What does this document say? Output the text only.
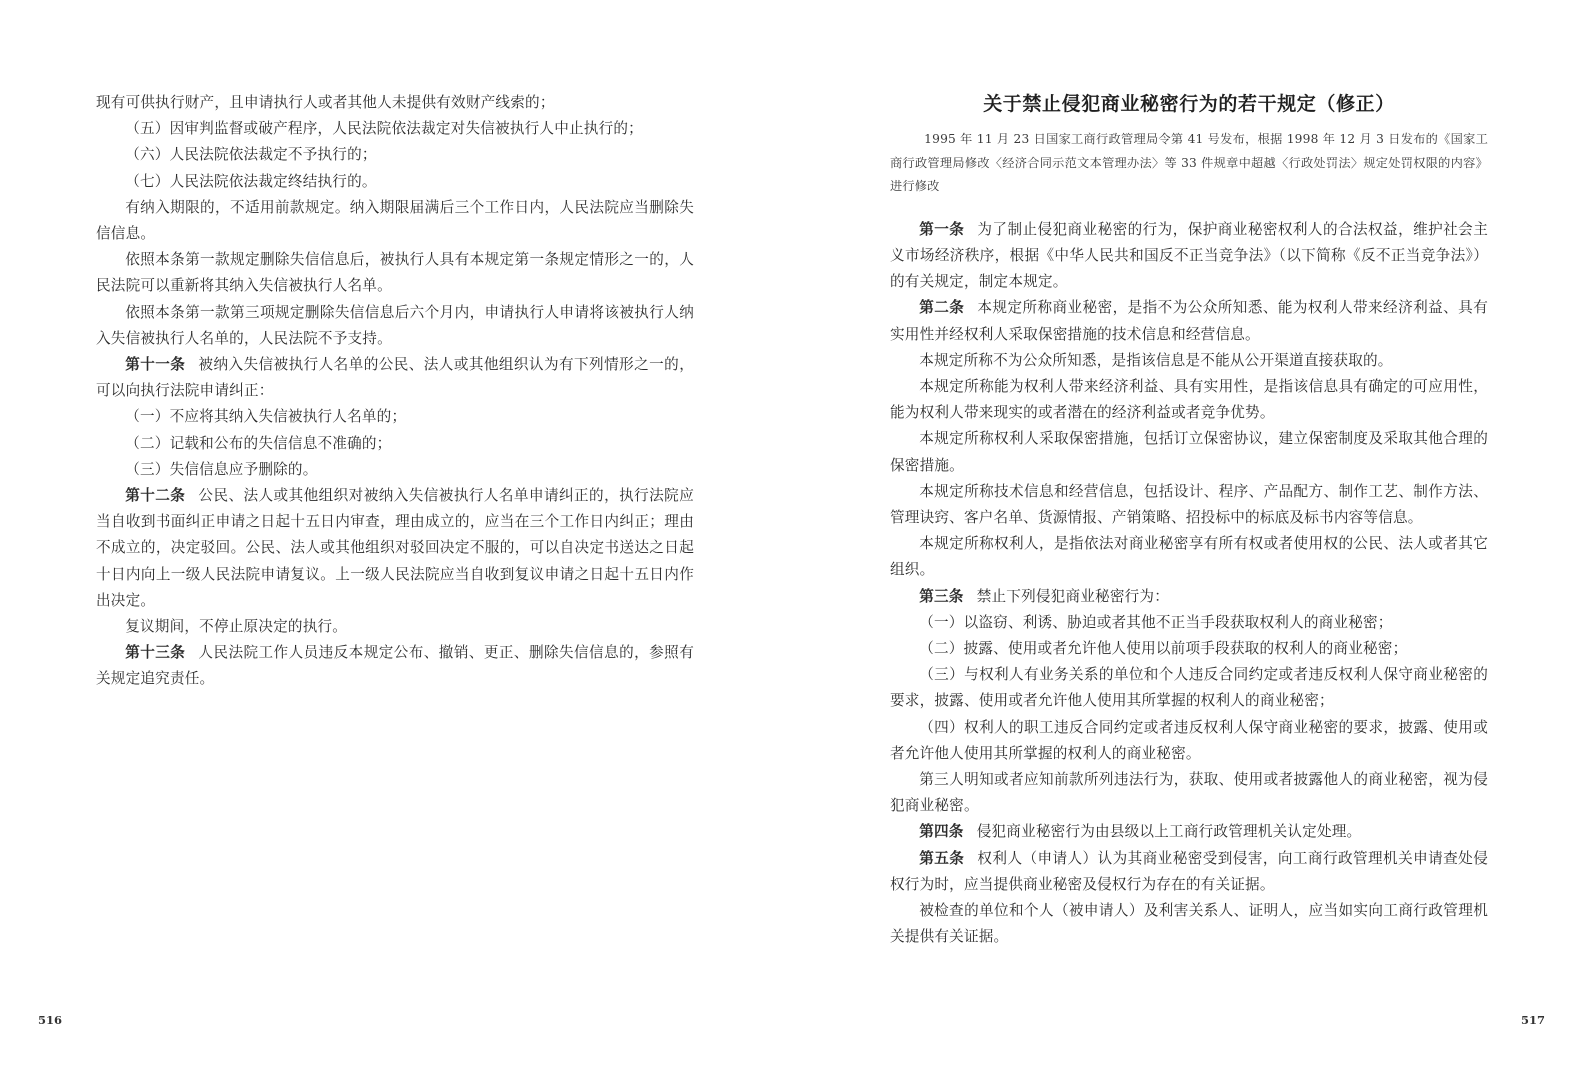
现有可供执行财产，且申请执行人或者其他人未提供有效财产线索的；

（五）因审判监督或破产程序，人民法院依法裁定对失信被执行人中止执行的；

（六）人民法院依法裁定不予执行的；

（七）人民法院依法裁定终结执行的。

有纳入期限的，不适用前款规定。纳入期限届满后三个工作日内，人民法院应当删除失信信息。

依照本条第一款规定删除失信信息后，被执行人具有本规定第一条规定情形之一的，人民法院可以重新将其纳入失信被执行人名单。

依照本条第一款第三项规定删除失信信息后六个月内，申请执行人申请将该被执行人纳入失信被执行人名单的，人民法院不予支持。

第十一条 被纳入失信被执行人名单的公民、法人或其他组织认为有下列情形之一的，可以向执行法院申请纠正：

（一）不应将其纳入失信被执行人名单的；

（二）记载和公布的失信信息不准确的；

（三）失信信息应予删除的。

第十二条 公民、法人或其他组织对被纳入失信被执行人名单申请纠正的，执行法院应当自收到书面纠正申请之日起十五日内审查，理由成立的，应当在三个工作日内纠正；理由不成立的，决定驳回。公民、法人或其他组织对驳回决定不服的，可以自决定书送达之日起十日内向上一级人民法院申请复议。上一级人民法院应当自收到复议申请之日起十五日内作出决定。

复议期间，不停止原决定的执行。

第十三条 人民法院工作人员违反本规定公布、撤销、更正、删除失信信息的，参照有关规定追究责任。

516
关于禁止侵犯商业秘密行为的若干规定（修正）

1995 年 11 月 23 日国家工商行政管理局令第 41 号发布，根据 1998 年 12 月 3 日发布的《国家工商行政管理局修改〈经济合同示范文本管理办法〉等 33 件规章中超越〈行政处罚法〉规定处罚权限的内容》进行修改

第一条 为了制止侵犯商业秘密的行为，保护商业秘密权利人的合法权益，维护社会主义市场经济秩序，根据《中华人民共和国反不正当竞争法》（以下简称《反不正当竞争法》）的有关规定，制定本规定。

第二条 本规定所称商业秘密，是指不为公众所知悉、能为权利人带来经济利益、具有实用性并经权利人采取保密措施的技术信息和经营信息。

本规定所称不为公众所知悉，是指该信息是不能从公开渠道直接获取的。

本规定所称能为权利人带来经济利益、具有实用性，是指该信息具有确定的可应用性，能为权利人带来现实的或者潜在的经济利益或者竞争优势。

本规定所称权利人采取保密措施，包括订立保密协议，建立保密制度及采取其他合理的保密措施。

本规定所称技术信息和经营信息，包括设计、程序、产品配方、制作工艺、制作方法、管理诀窍、客户名单、货源情报、产销策略、招投标中的标底及标书内容等信息。

本规定所称权利人，是指依法对商业秘密享有所有权或者使用权的公民、法人或者其它组织。

第三条 禁止下列侵犯商业秘密行为：

（一）以盗窃、利诱、胁迫或者其他不正当手段获取权利人的商业秘密；

（二）披露、使用或者允许他人使用以前项手段获取的权利人的商业秘密；

（三）与权利人有业务关系的单位和个人违反合同约定或者违反权利人保守商业秘密的要求，披露、使用或者允许他人使用其所掌握的权利人的商业秘密；

（四）权利人的职工违反合同约定或者违反权利人保守商业秘密的要求，披露、使用或者允许他人使用其所掌握的权利人的商业秘密。

第三人明知或者应知前款所列违法行为，获取、使用或者披露他人的商业秘密，视为侵犯商业秘密。

第四条 侵犯商业秘密行为由县级以上工商行政管理机关认定处理。

第五条 权利人（申请人）认为其商业秘密受到侵害，向工商行政管理机关申请查处侵权行为时，应当提供商业秘密及侵权行为存在的有关证据。

被检查的单位和个人（被申请人）及利害关系人、证明人，应当如实向工商行政管理机关提供有关证据。

517
